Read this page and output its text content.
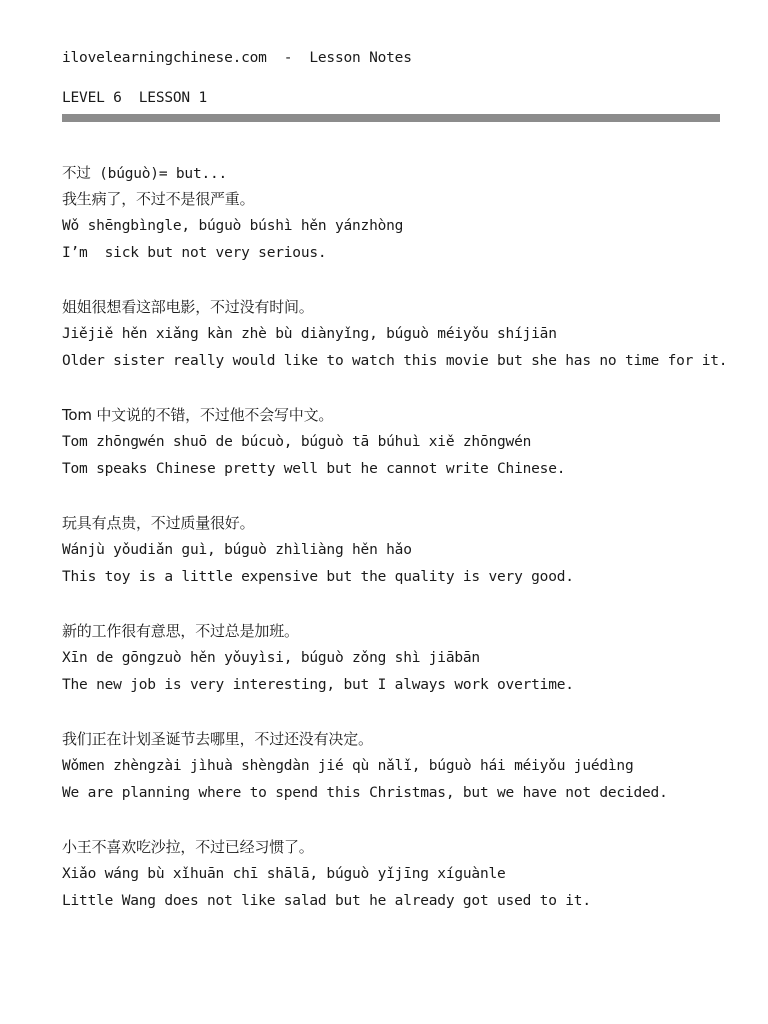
ilovelearningchinese.com  -  Lesson Notes
LEVEL 6  LESSON 1
不过 (búguò)= but...
我生病了，不过不是很严重。
Wǒ shēngbìngle, búguò búshì hěn yánzhòng
I’m  sick but not very serious.
姐姐很想看这部电影，不过没有时间。
Jiějiě hěn xiǎng kàn zhè bù diànyǐng, búguò méiyǒu shíjiān
Older sister really would like to watch this movie but she has no time for it.
Tom 中文说的不错，不过他不会写中文。
Tom zhōngwén shuō de búcuò, búguò tā búhuì xiě zhōngwén
Tom speaks Chinese pretty well but he cannot write Chinese.
玩具有点贵，不过质量很好。
Wánjù yǒudiǎn guì, búguò zhìliàng hěn hǎo
This toy is a little expensive but the quality is very good.
新的工作很有意思，不过总是加班。
Xīn de gōngzuò hěn yǒuyìsi, búguò zǒng shì jiābān
The new job is very interesting, but I always work overtime.
我们正在计划圣诞节去哪里，不过还没有决定。
Wǒmen zhèngzài jìhuà shèngdàn jié qù nǎlǐ, búguò hái méiyǒu juédìng
We are planning where to spend this Christmas, but we have not decided.
小王不喜欢吃沙拉，不过已经习惯了。
Xiǎo wáng bù xǐhuān chī shālā, búguò yǐjīng xíguànle
Little Wang does not like salad but he already got used to it.
